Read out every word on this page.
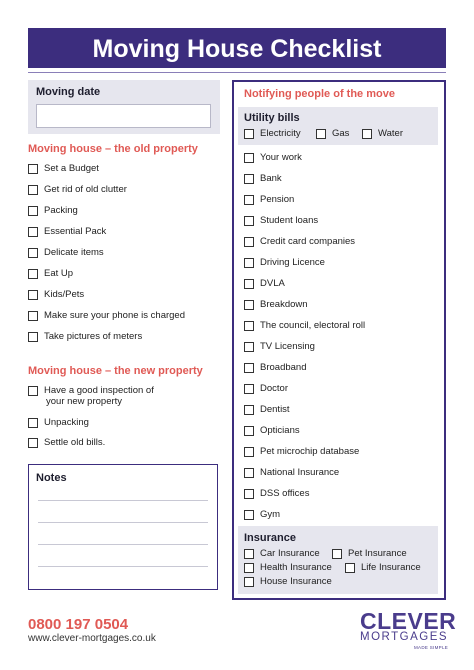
Moving House Checklist
Moving date
Moving house – the old property
Set a Budget
Get rid of old clutter
Packing
Essential Pack
Delicate items
Eat Up
Kids/Pets
Make sure your phone is charged
Take pictures of meters
Moving house – the new property
Have a good inspection of
your new property
Unpacking
Settle old bills.
Notes
Notifying people of the move
Utility bills
Electricity	Gas	Water
Your work
Bank
Pension
Student loans
Credit card companies
Driving Licence
DVLA
Breakdown
The council, electoral roll
TV Licensing
Broadband
Doctor
Dentist
Opticians
Pet microchip database
National Insurance
DSS offices
Gym
Insurance
Car Insurance	Pet Insurance
Health Insurance	Life Insurance
House Insurance
0800 197 0504
www.clever-mortgages.co.uk
CLEVER
MORTGAGES
MADE SIMPLE
